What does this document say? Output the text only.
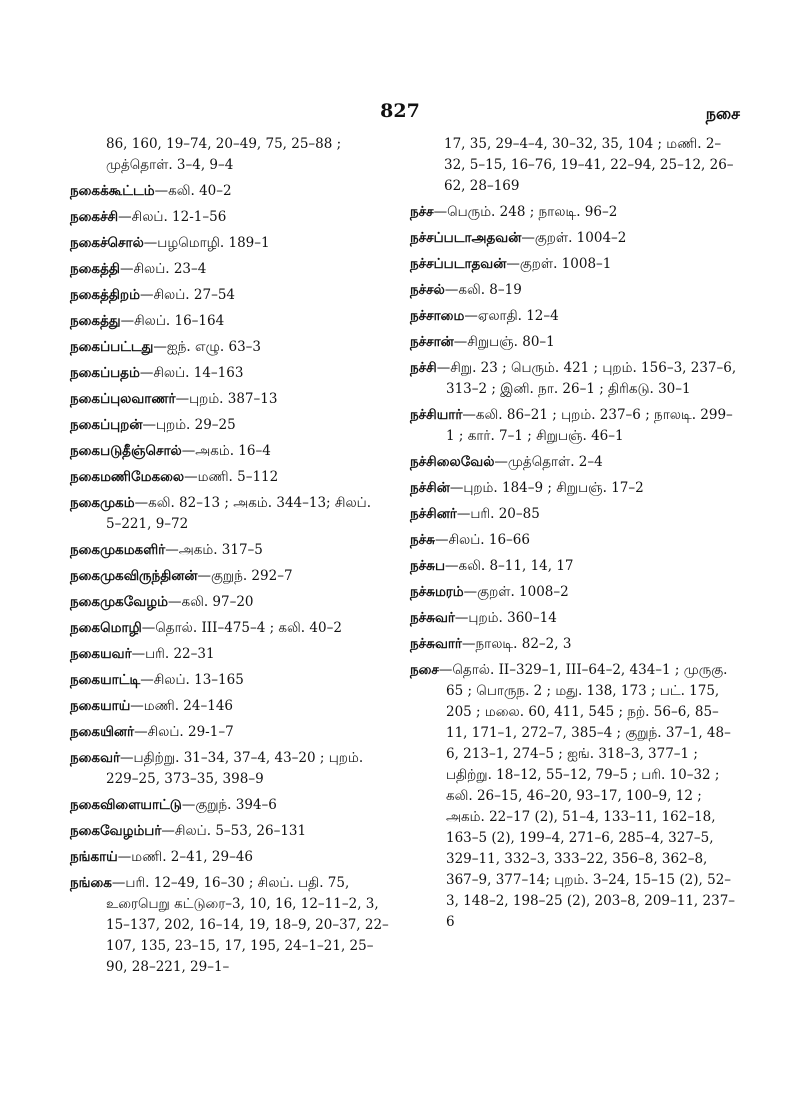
827	நசை
86, 160, 19–74, 20–49, 75, 25–88 ; முத்தொள். 3–4, 9–4
நகைக்கூட்டம்—கலி. 40–2
நகைச்சி—சிலப். 12-1–56
நகைச்சொல்—பழமொழி. 189–1
நகைத்தி—சிலப். 23–4
நகைத்திறம்—சிலப். 27–54
நகைத்து—சிலப். 16–164
நகைப்பட்டது—ஐந். எழு. 63–3
நகைப்பதம்—சிலப். 14–163
நகைப்புலவாணர்—புறம். 387–13
நகைப்புறன்—புறம். 29–25
நகைபடுதீஞ்சொல்—அகம். 16–4
நகைமணிமேகலை—மணி. 5–112
நகைமுகம்—கலி. 82–13 ; அகம். 344–13; சிலப். 5–221, 9–72
நகைமுகமகளிர்—அகம். 317–5
நகைமுகவிருந்தினன்—குறுந். 292–7
நகைமுகவேழம்—கலி. 97–20
நகைமொழி—தொல். III–475–4 ; கலி. 40–2
நகையவர்—பரி. 22–31
நகையாட்டி—சிலப். 13–165
நகையாய்—மணி. 24–146
நகையினர்—சிலப். 29-1–7
நகைவர்—பதிற்று. 31–34, 37–4, 43–20 ; புறம். 229–25, 373–35, 398–9
நகைவிளையாட்டு—குறுந். 394–6
நகைவேழம்பர்—சிலப். 5–53, 26–131
நங்காய்—மணி. 2–41, 29–46
நங்கை—பரி. 12–49, 16–30 ; சிலப். பதி. 75, உரைபெறு கட்டுரை–3, 10, 16, 12–11–2, 3, 15–137, 202, 16–14, 19, 18–9, 20–37, 22–107, 135, 23–15, 17, 195, 24–1–21, 25–90, 28–221, 29–1–
17, 35, 29–4–4, 30–32, 35, 104 ; மணி. 2–32, 5–15, 16–76, 19–41, 22–94, 25–12, 26–62, 28–169
நச்ச—பெரும். 248 ; நாலடி. 96–2
நச்சப்படாஅதவன்—குறள். 1004–2
நச்சப்படாதவன்—குறள். 1008–1
நச்சல்—கலி. 8–19
நச்சாமை—ஏலாதி. 12–4
நச்சான்—சிறுபஞ். 80–1
நச்சி—சிறு. 23 ; பெரும். 421 ; புறம். 156–3, 237–6, 313–2 ; இனி. நா. 26–1 ; திரிகடு. 30–1
நச்சியார்—கலி. 86–21 ; புறம். 237–6 ; நாலடி. 299–1 ; கார். 7–1 ; சிறுபஞ். 46–1
நச்சிலைவேல்—முத்தொள். 2–4
நச்சின்—புறம். 184–9 ; சிறுபஞ். 17–2
நச்சினர்—பரி. 20–85
நச்சு—சிலப். 16–66
நச்சுப—கலி. 8–11, 14, 17
நச்சுமரம்—குறள். 1008–2
நச்சுவர்—புறம். 360–14
நச்சுவார்—நாலடி. 82–2, 3
நசை—தொல். II–329–1, III–64–2, 434–1 ; முருகு. 65 ; பொருந. 2 ; மது. 138, 173 ; பட். 175, 205 ; மலை. 60, 411, 545 ; நற். 56–6, 85–11, 171–1, 272–7, 385–4 ; குறுந். 37–1, 48–6, 213–1, 274–5 ; ஐங். 318–3, 377–1 ; பதிற்று. 18–12, 55–12, 79–5 ; பரி. 10–32 ; கலி. 26–15, 46–20, 93–17, 100–9, 12 ; அகம். 22–17 (2), 51–4, 133–11, 162–18, 163–5 (2), 199–4, 271–6, 285–4, 327–5, 329–11, 332–3, 333–22, 356–8, 362–8, 367–9, 377–14; புறம். 3–24, 15–15 (2), 52–3, 148–2, 198–25 (2), 203–8, 209–11, 237–6
